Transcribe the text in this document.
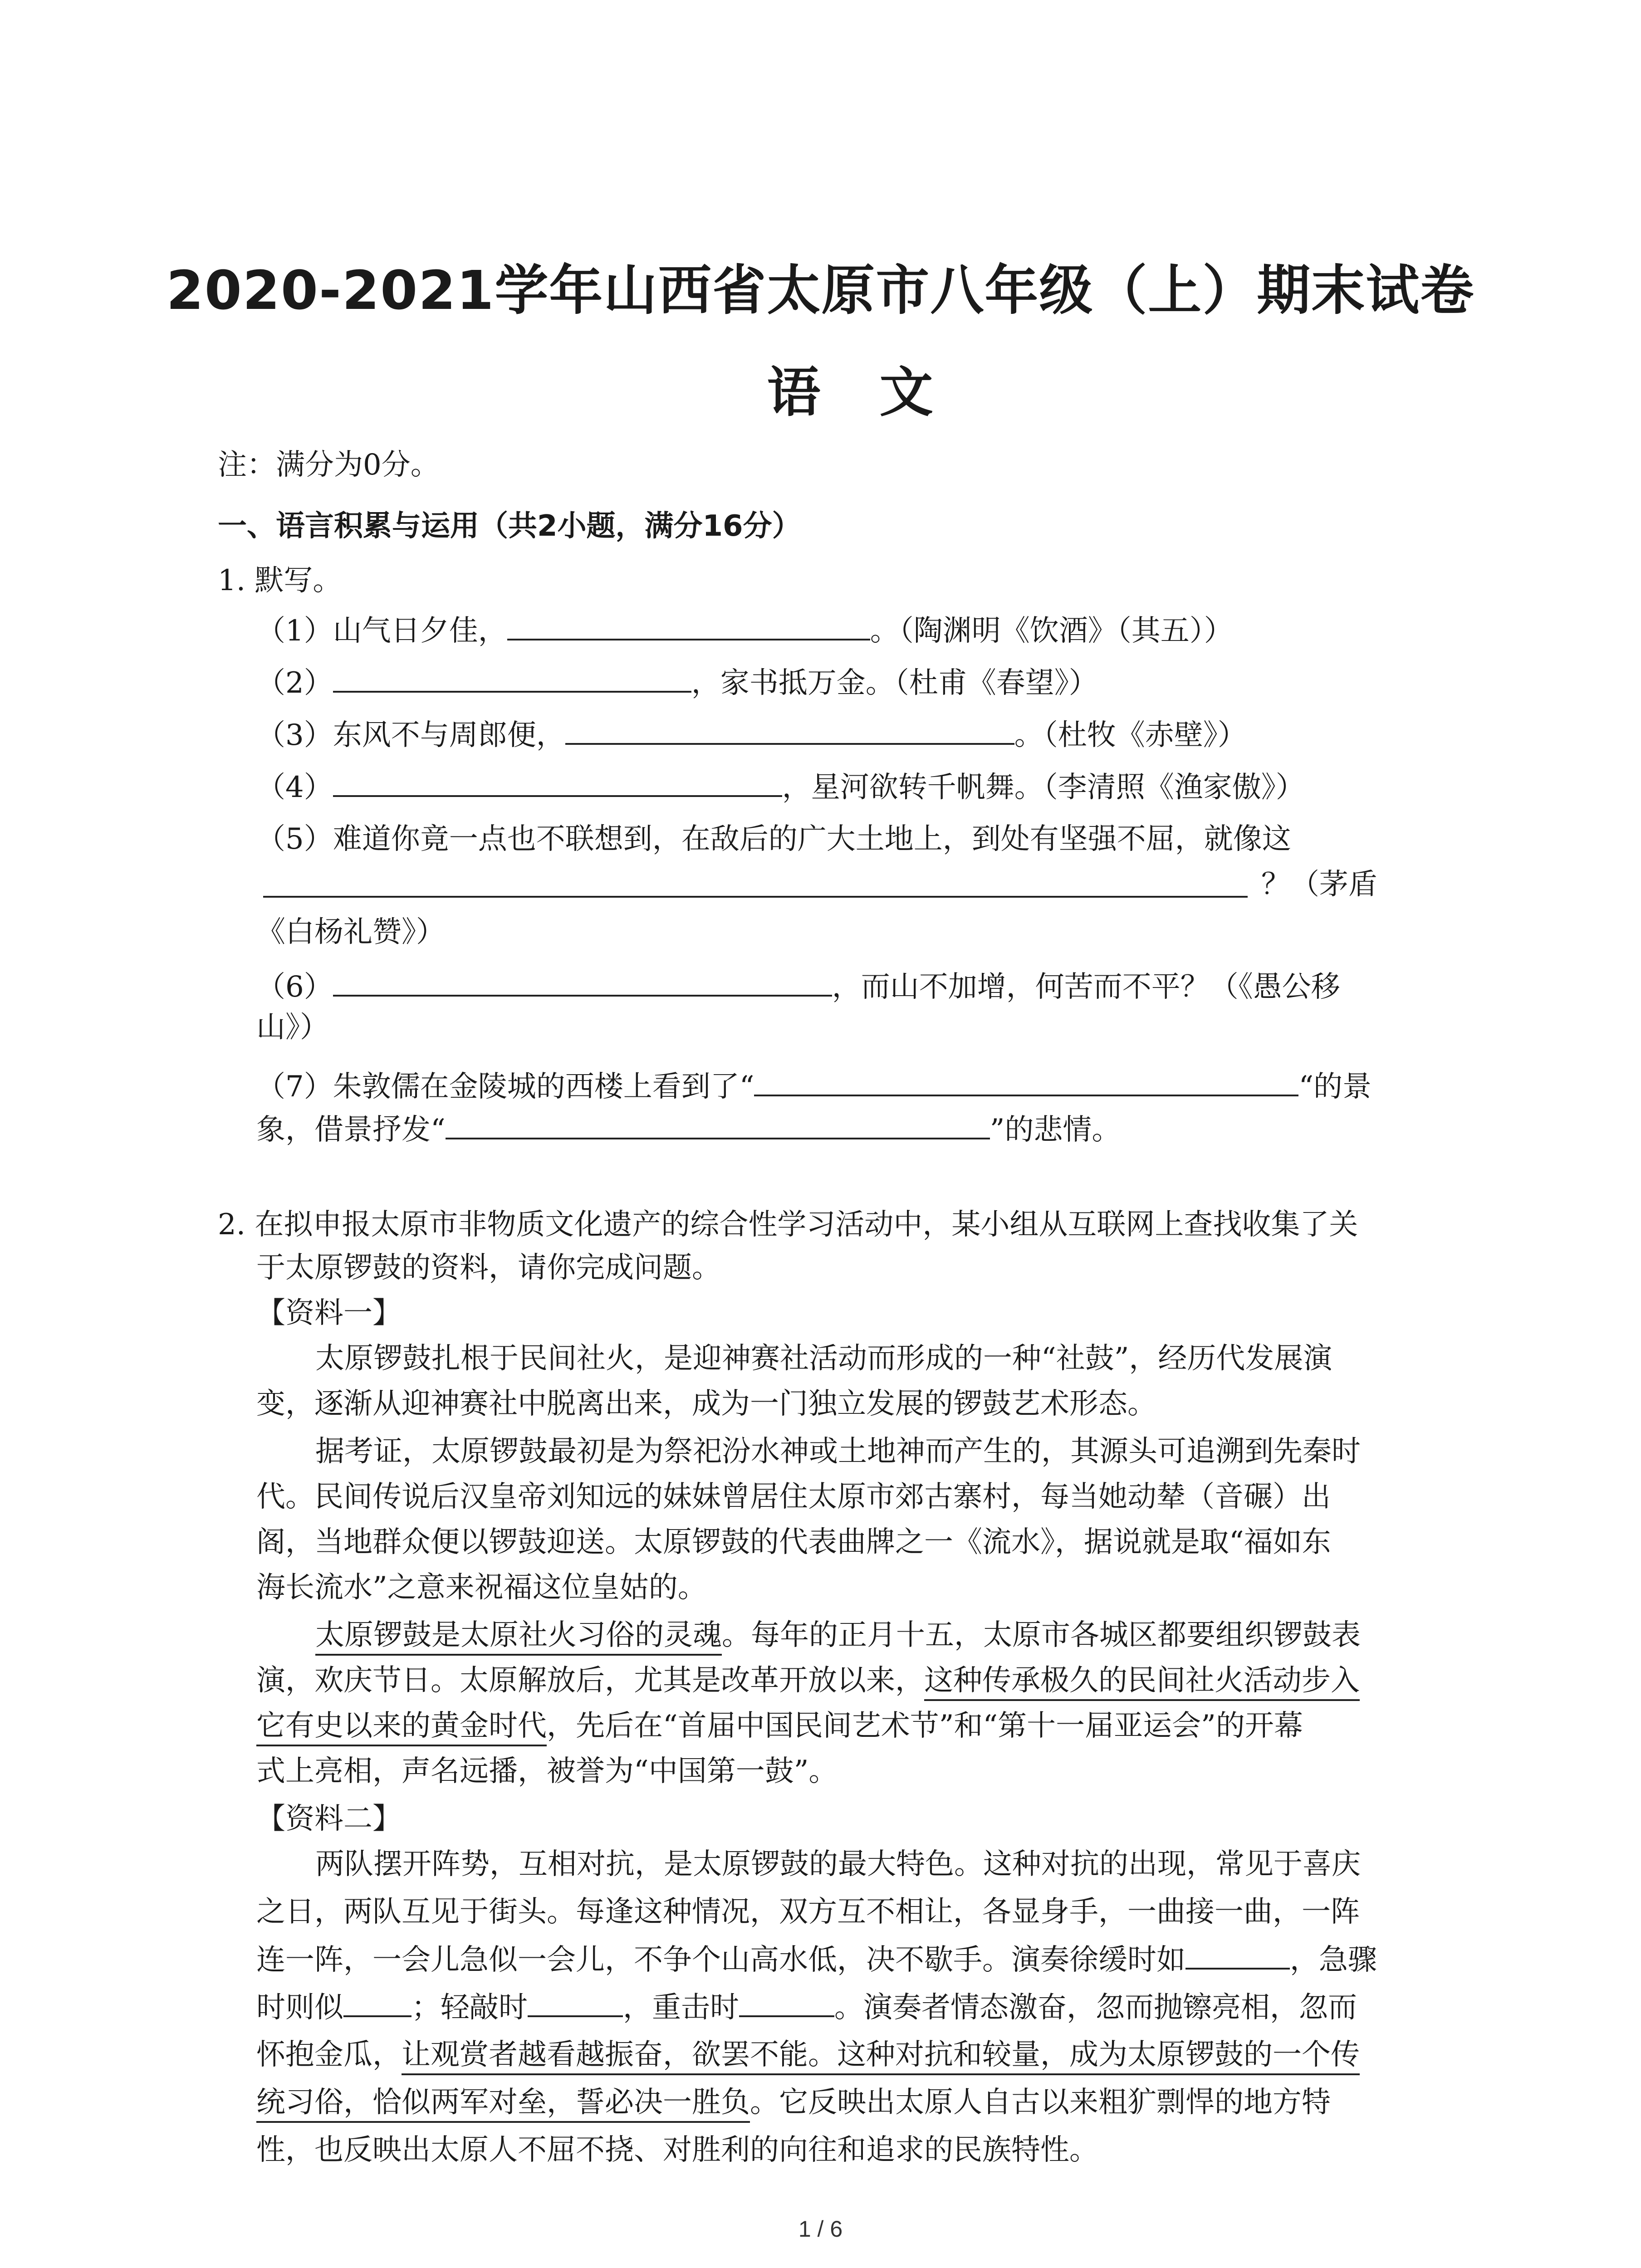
2020-2021学年山西省太原市八年级（上）期末试卷
语文
注：满分为0分。
一、语言积累与运用（共2小题，满分16分）
1. 默写。
（1）山气日夕佳，	。（陶渊明《饮酒》（其五））
（2）	，家书抵万金。（杜甫《春望》）
（3）东风不与周郎便，	。（杜牧《赤壁》）
（4）	，星河欲转千帆舞。（李清照《渔家傲》）
（5）难道你竟一点也不联想到，在敌后的广大土地上，到处有坚强不屈，就像这
？（茅盾
《白杨礼赞》）
（6）	，而山不加增，何苦而不平？（《愚公移
山》）
（7）朱敦儒在金陵城的西楼上看到了“	“的景
象，借景抒发“	”的悲情。
2. 在拟申报太原市非物质文化遗产的综合性学习活动中，某小组从互联网上查找收集了关
于太原锣鼓的资料，请你完成问题。
【资料一】
太原锣鼓扎根于民间社火，是迎神赛社活动而形成的一种“社鼓”，经历代发展演
变，逐渐从迎神赛社中脱离出来，成为一门独立发展的锣鼓艺术形态。
据考证，太原锣鼓最初是为祭祀汾水神或土地神而产生的，其源头可追溯到先秦时
代。民间传说后汉皇帝刘知远的妹妹曾居住太原市郊古寨村，每当她动辇（音碾）出
阁，当地群众便以锣鼓迎送。太原锣鼓的代表曲牌之一《流水》，据说就是取“福如东
海长流水”之意来祝福这位皇姑的。
太原锣鼓是太原社火习俗的灵魂。每年的正月十五，太原市各城区都要组织锣鼓表
演，欢庆节日。太原解放后，尤其是改革开放以来，这种传承极久的民间社火活动步入
它有史以来的黄金时代，先后在“首届中国民间艺术节”和“第十一届亚运会”的开幕
式上亮相，声名远播，被誉为“中国第一鼓”。
【资料二】
两队摆开阵势，互相对抗，是太原锣鼓的最大特色。这种对抗的出现，常见于喜庆
之日，两队互见于街头。每逢这种情况，双方互不相让，各显身手，一曲接一曲，一阵
连一阵，一会儿急似一会儿，不争个山高水低，决不歇手。演奏徐缓时如	，急骤
时则似 ；轻敲时	，重击时	。演奏者情态激奋，忽而抛镲亮相，忽而
怀抱金瓜，让观赏者越看越振奋，欲罢不能。这种对抗和较量，成为太原锣鼓的一个传
统习俗，恰似两军对垒，誓必决一胜负。它反映出太原人自古以来粗犷剽悍的地方特
性，也反映出太原人不屈不挠、对胜利的向往和追求的民族特性。
1 / 6
